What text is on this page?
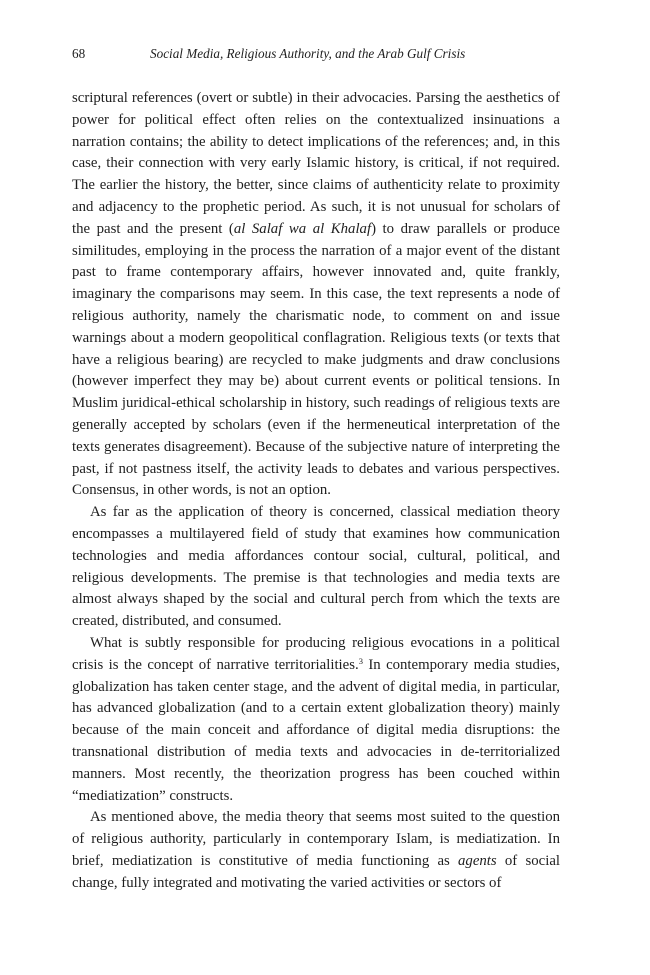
68	Social Media, Religious Authority, and the Arab Gulf Crisis

scriptural references (overt or subtle) in their advocacies. Parsing the aesthetics of power for political effect often relies on the contextualized insinuations a narration contains; the ability to detect implications of the references; and, in this case, their connection with very early Islamic history, is critical, if not required. The earlier the history, the better, since claims of authenticity relate to proximity and adjacency to the prophetic period. As such, it is not unusual for scholars of the past and the present (al Salaf wa al Khalaf) to draw parallels or produce similitudes, employing in the process the narration of a major event of the distant past to frame contemporary affairs, however innovated and, quite frankly, imaginary the comparisons may seem. In this case, the text represents a node of religious authority, namely the charismatic node, to comment on and issue warnings about a modern geopolitical conflagration. Religious texts (or texts that have a religious bearing) are recycled to make judgments and draw conclusions (however imperfect they may be) about current events or political tensions. In Muslim juridical-ethical scholarship in history, such readings of religious texts are generally accepted by scholars (even if the hermeneutical interpretation of the texts generates disagreement). Because of the subjective nature of interpreting the past, if not pastness itself, the activity leads to debates and various perspectives. Consensus, in other words, is not an option.

As far as the application of theory is concerned, classical mediation theory encompasses a multilayered field of study that examines how communication technologies and media affordances contour social, cultural, political, and religious developments. The premise is that technologies and media texts are almost always shaped by the social and cultural perch from which the texts are created, distributed, and consumed.

What is subtly responsible for producing religious evocations in a political crisis is the concept of narrative territorialities.$^3$ In contemporary media studies, globalization has taken center stage, and the advent of digital media, in particular, has advanced globalization (and to a certain extent globalization theory) mainly because of the main conceit and affordance of digital media disruptions: the transnational distribution of media texts and advocacies in de-territorialized manners. Most recently, the theorization progress has been couched within “mediatization” constructs.

As mentioned above, the media theory that seems most suited to the question of religious authority, particularly in contemporary Islam, is mediatization. In brief, mediatization is constitutive of media functioning as agents of social change, fully integrated and motivating the varied activities or sectors of
